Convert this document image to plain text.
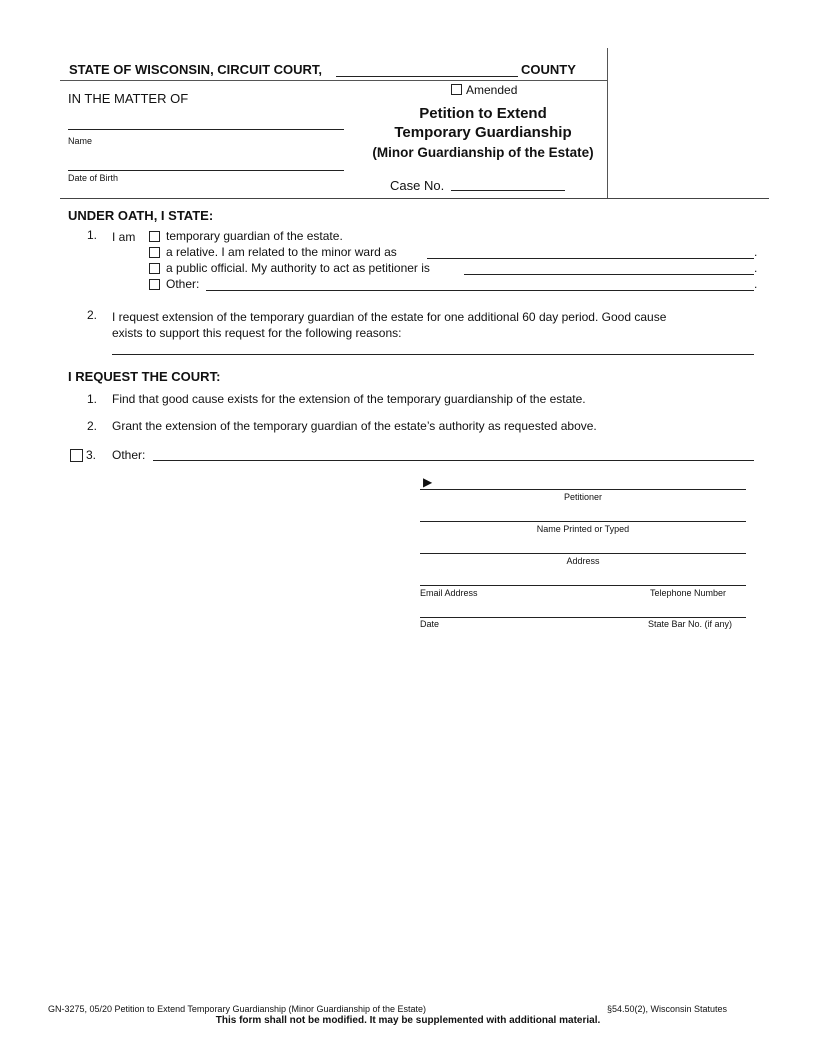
STATE OF WISCONSIN, CIRCUIT COURT,	COUNTY
IN THE MATTER OF
Name
Date of Birth
Amended
Petition to Extend
Temporary Guardianship
(Minor Guardianship of the Estate)
Case No.
UNDER OATH, I STATE:
1. I am	temporary guardian of the estate.
a relative. I am related to the minor ward as	.
a public official. My authority to act as petitioner is	.
Other:	.
2. I request extension of the temporary guardian of the estate for one additional 60 day period. Good cause
exists to support this request for the following reasons:
I REQUEST THE COURT:
1. Find that good cause exists for the extension of the temporary guardianship of the estate.
2. Grant the extension of the temporary guardian of the estate’s authority as requested above.
3. Other:
▶
Petitioner
Name Printed or Typed
Address
Email Address	Telephone Number
Date	State Bar No. (if any)
GN-3275, 05/20 Petition to Extend Temporary Guardianship (Minor Guardianship of the Estate)	§54.50(2), Wisconsin Statutes
This form shall not be modified. It may be supplemented with additional material.
